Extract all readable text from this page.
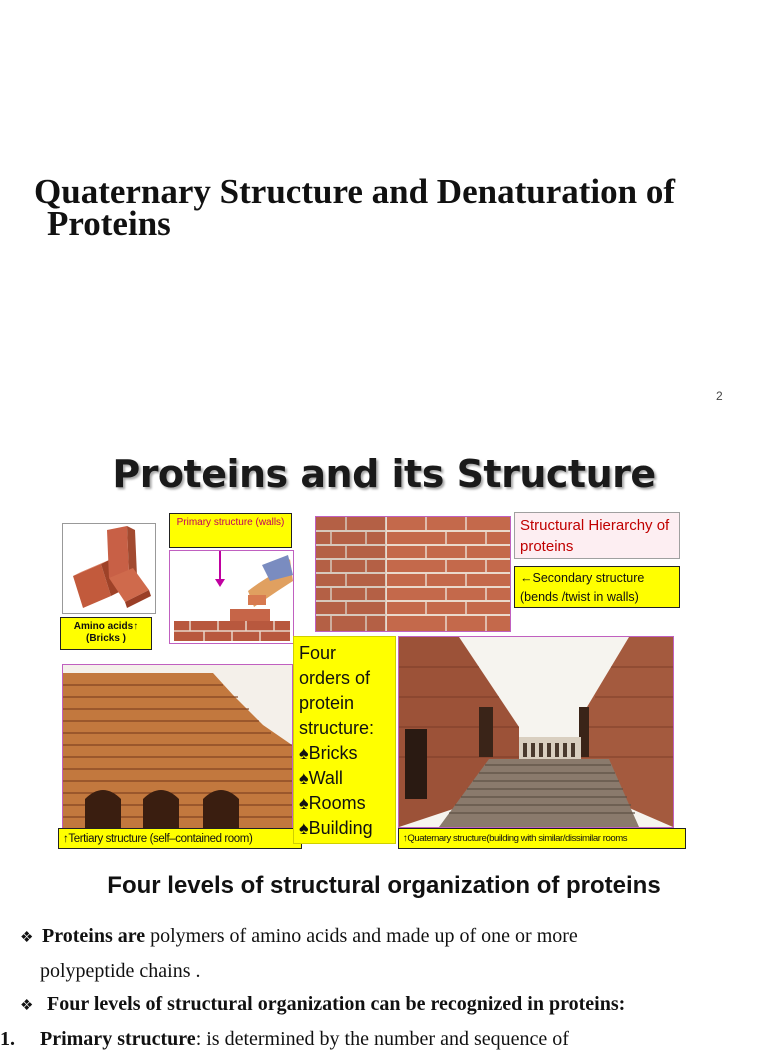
Quaternary Structure and Denaturation of
Proteins
2
Proteins and its Structure
Amino acids↑ (Bricks )
Primary structure (walls)	Structural Hierarchy of proteins
←Secondary structure (bends /twist in walls)
↑Tertiary structure (self–contained room)
Four
orders of
protein
structure:
♠Bricks
♠Wall
♠Rooms
♠Building
↑Quaternary structure(building with similar/dissimilar rooms
Four levels of structural organization of proteins
❖ Proteins are polymers of amino acids and made up of one or more
polypeptide chains .
❖ Four levels of structural organization can be recognized in proteins:
1. Primary structure: is determined by the number and sequence of
